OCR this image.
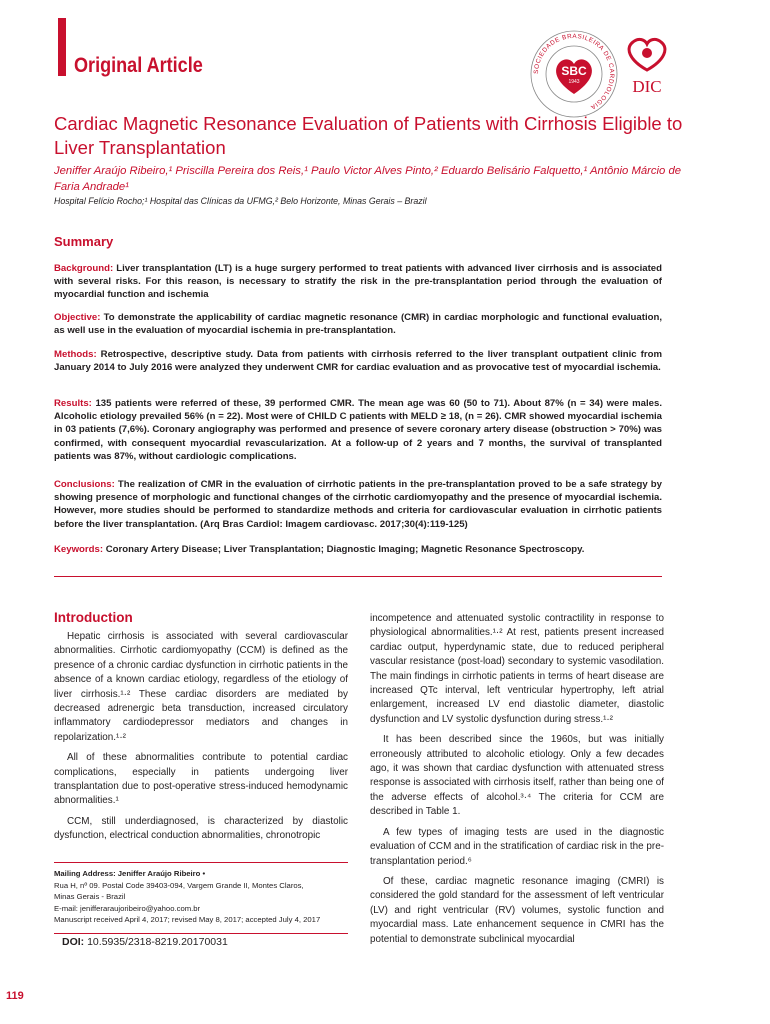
Original Article	SOCIEDADE BRASILEIRA DE CARDIOLOGIA
SBC
1943	DIC
Cardiac Magnetic Resonance Evaluation of Patients with Cirrhosis Eligible to Liver Transplantation
Jeniffer Araújo Ribeiro,¹ Priscilla Pereira dos Reis,¹ Paulo Victor Alves Pinto,² Eduardo Belisário Falquetto,¹ Antônio Márcio de Faria Andrade¹
Hospital Felício Rocho;¹ Hospital das Clínicas da UFMG,² Belo Horizonte, Minas Gerais – Brazil
Summary
Background: Liver transplantation (LT) is a huge surgery performed to treat patients with advanced liver cirrhosis and is associated with several risks. For this reason, is necessary to stratify the risk in the pre-transplantation period through the evaluation of myocardial function and ischemia
Objective: To demonstrate the applicability of cardiac magnetic resonance (CMR) in cardiac morphologic and functional evaluation, as well use in the evaluation of myocardial ischemia in pre-transplantation.
Methods: Retrospective, descriptive study. Data from patients with cirrhosis referred to the liver transplant outpatient clinic from January 2014 to July 2016 were analyzed they underwent CMR for cardiac evaluation and as provocative test of myocardial ischemia.
Results: 135 patients were referred of these, 39 performed CMR. The mean age was 60 (50 to 71). About 87% (n = 34) were males. Alcoholic etiology prevailed 56% (n = 22). Most were of CHILD C patients with MELD ≥ 18, (n = 26). CMR showed myocardial ischemia in 03 patients (7,6%). Coronary angiography was performed and presence of severe coronary artery disease (obstruction > 70%) was confirmed, with consequent myocardial revascularization. At a follow-up of 2 years and 7 months, the survival of transplanted patients was 87%, without cardiologic complications.
Conclusions: The realization of CMR in the evaluation of cirrhotic patients in the pre-transplantation proved to be a safe strategy by showing presence of morphologic and functional changes of the cirrhotic cardiomyopathy and the presence of myocardial ischemia. However, more studies should be performed to standardize methods and criteria for cardiovascular evaluation in cirrhotic patients before the liver transplantation. (Arq Bras Cardiol: Imagem cardiovasc. 2017;30(4):119-125)
Keywords: Coronary Artery Disease; Liver Transplantation; Diagnostic Imaging; Magnetic Resonance Spectroscopy.
Introduction

Hepatic cirrhosis is associated with several cardiovascular abnormalities. Cirrhotic cardiomyopathy (CCM) is defined as the presence of a chronic cardiac dysfunction in cirrhotic patients in the absence of a known cardiac etiology, regardless of the etiology of liver cirrhosis.¹·² These cardiac disorders are mediated by decreased adrenergic beta transduction, increased circulatory inflammatory cardiodepressor mediators and changes in repolarization.¹·²

All of these abnormalities contribute to potential cardiac complications, especially in patients undergoing liver transplantation due to post-operative stress-induced hemodynamic abnormalities.¹

CCM, still underdiagnosed, is characterized by diastolic dysfunction, electrical conduction abnormalities, chronotropic

incompetence and attenuated systolic contractility in response to physiological abnormalities.¹·² At rest, patients present increased cardiac output, hyperdynamic state, due to reduced peripheral vascular resistance (post-load) secondary to systemic vasodilation. The main findings in cirrhotic patients in terms of heart disease are increased QTc interval, left ventricular hypertrophy, left atrial enlargement, increased LV end diastolic diameter, diastolic dysfunction and LV systolic dysfunction during stress.¹·²

It has been described since the 1960s, but was initially erroneously attributed to alcoholic etiology. Only a few decades ago, it was shown that cardiac dysfunction with attenuated stress response is associated with cirrhosis itself, rather than being one of the adverse effects of alcohol.³·⁴ The criteria for CCM are described in Table 1.

A few types of imaging tests are used in the diagnostic evaluation of CCM and in the stratification of cardiac risk in the pre-transplantation period.⁶

Of these, cardiac magnetic resonance imaging (CMRI) is considered the gold standard for the assessment of left ventricular (LV) and right ventricular (RV) volumes, systolic function and myocardial mass. Late enhancement sequence in CMRI has the potential to demonstrate subclinical myocardial

Mailing Address: Jeniffer Araújo Ribeiro •
Rua H, nº 09. Postal Code 39403-094, Vargem Grande II, Montes Claros,
Minas Gerais - Brazil
E-mail: jenifferaraujoribeiro@yahoo.com.br
Manuscript received April 4, 2017; revised May 8, 2017; accepted July 4, 2017
DOI: 10.5935/2318-8219.20170031
119
